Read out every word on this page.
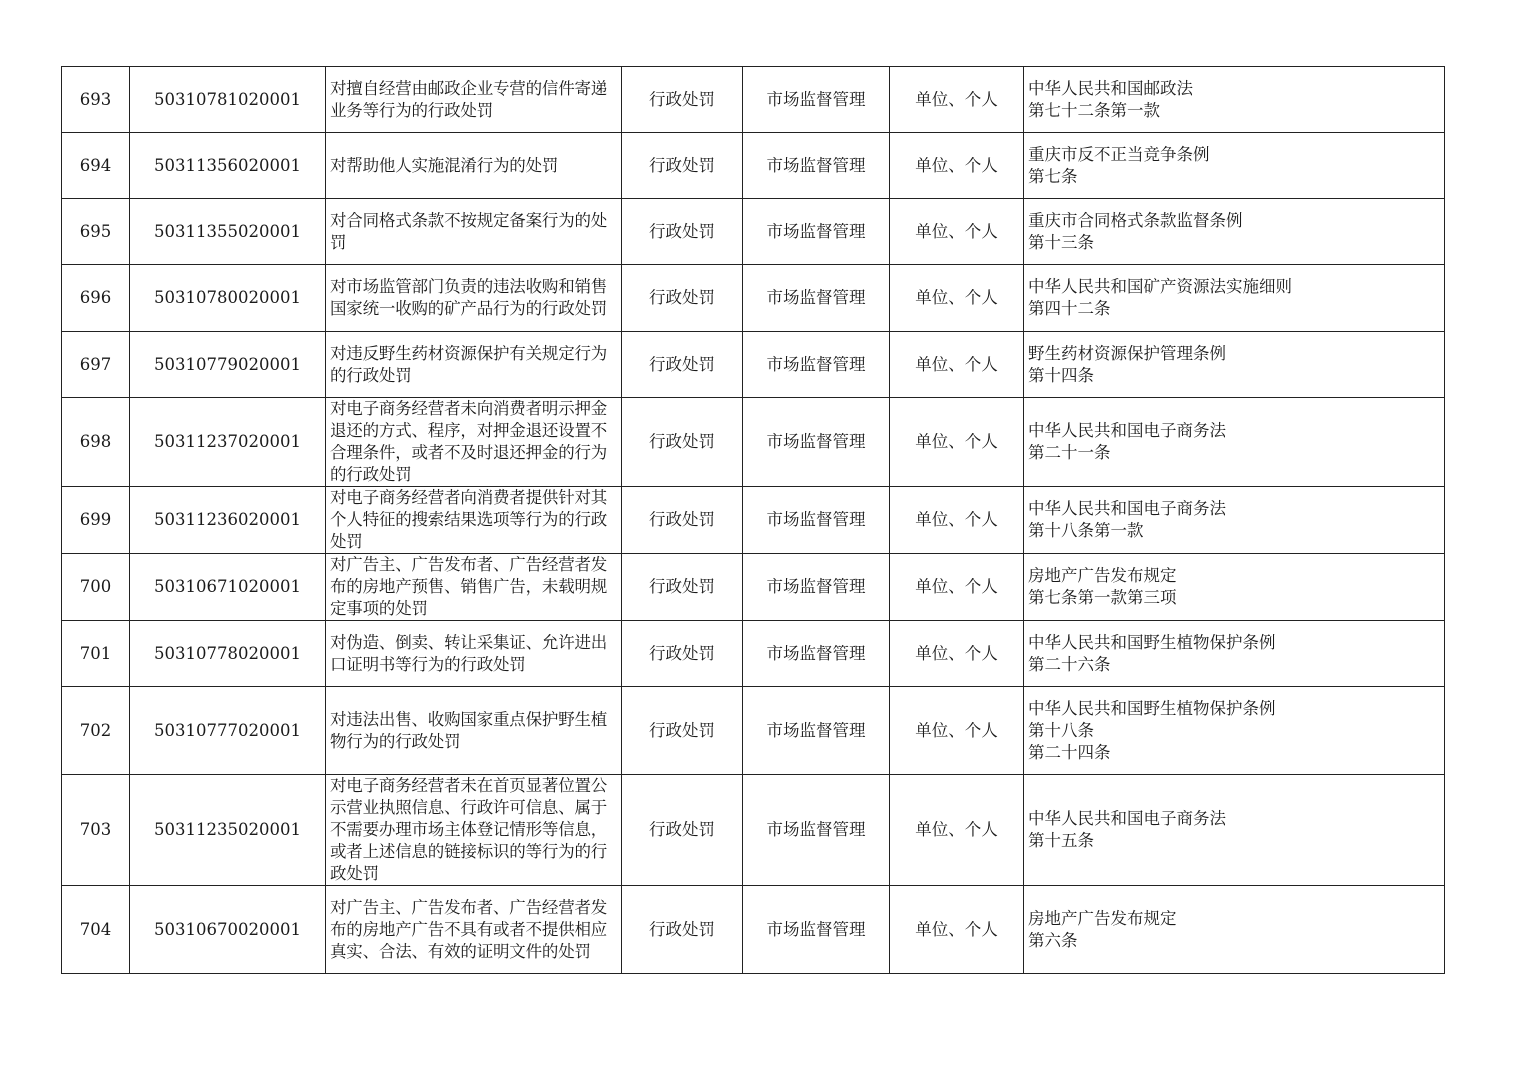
693	50310781020001	对擅自经营由邮政企业专营的信件寄递业务等行为的行政处罚	行政处罚	市场监督管理	单位、个人	中华人民共和国邮政法
第七十二条第一款

694	50311356020001	对帮助他人实施混淆行为的处罚	行政处罚	市场监督管理	单位、个人	重庆市反不正当竞争条例
第七条

695	50311355020001	对合同格式条款不按规定备案行为的处罚	行政处罚	市场监督管理	单位、个人	重庆市合同格式条款监督条例
第十三条

696	50310780020001	对市场监管部门负责的违法收购和销售国家统一收购的矿产品行为的行政处罚	行政处罚	市场监督管理	单位、个人	中华人民共和国矿产资源法实施细则
第四十二条

697	50310779020001	对违反野生药材资源保护有关规定行为的行政处罚	行政处罚	市场监督管理	单位、个人	野生药材资源保护管理条例
第十四条

698	50311237020001	对电子商务经营者未向消费者明示押金退还的方式、程序，对押金退还设置不合理条件，或者不及时退还押金的行为的行政处罚	行政处罚	市场监督管理	单位、个人	中华人民共和国电子商务法
第二十一条

699	50311236020001	对电子商务经营者向消费者提供针对其个人特征的搜索结果选项等行为的行政处罚	行政处罚	市场监督管理	单位、个人	中华人民共和国电子商务法
第十八条第一款

700	50310671020001	对广告主、广告发布者、广告经营者发布的房地产预售、销售广告，未载明规定事项的处罚	行政处罚	市场监督管理	单位、个人	房地产广告发布规定
第七条第一款第三项

701	50310778020001	对伪造、倒卖、转让采集证、允许进出口证明书等行为的行政处罚	行政处罚	市场监督管理	单位、个人	中华人民共和国野生植物保护条例
第二十六条

702	50310777020001	对违法出售、收购国家重点保护野生植物行为的行政处罚	行政处罚	市场监督管理	单位、个人	中华人民共和国野生植物保护条例
第十八条
第二十四条

703	50311235020001	对电子商务经营者未在首页显著位置公示营业执照信息、行政许可信息、属于不需要办理市场主体登记情形等信息，或者上述信息的链接标识的等行为的行政处罚	行政处罚	市场监督管理	单位、个人	中华人民共和国电子商务法
第十五条

704	50310670020001	对广告主、广告发布者、广告经营者发布的房地产广告不具有或者不提供相应真实、合法、有效的证明文件的处罚	行政处罚	市场监督管理	单位、个人	房地产广告发布规定
第六条
